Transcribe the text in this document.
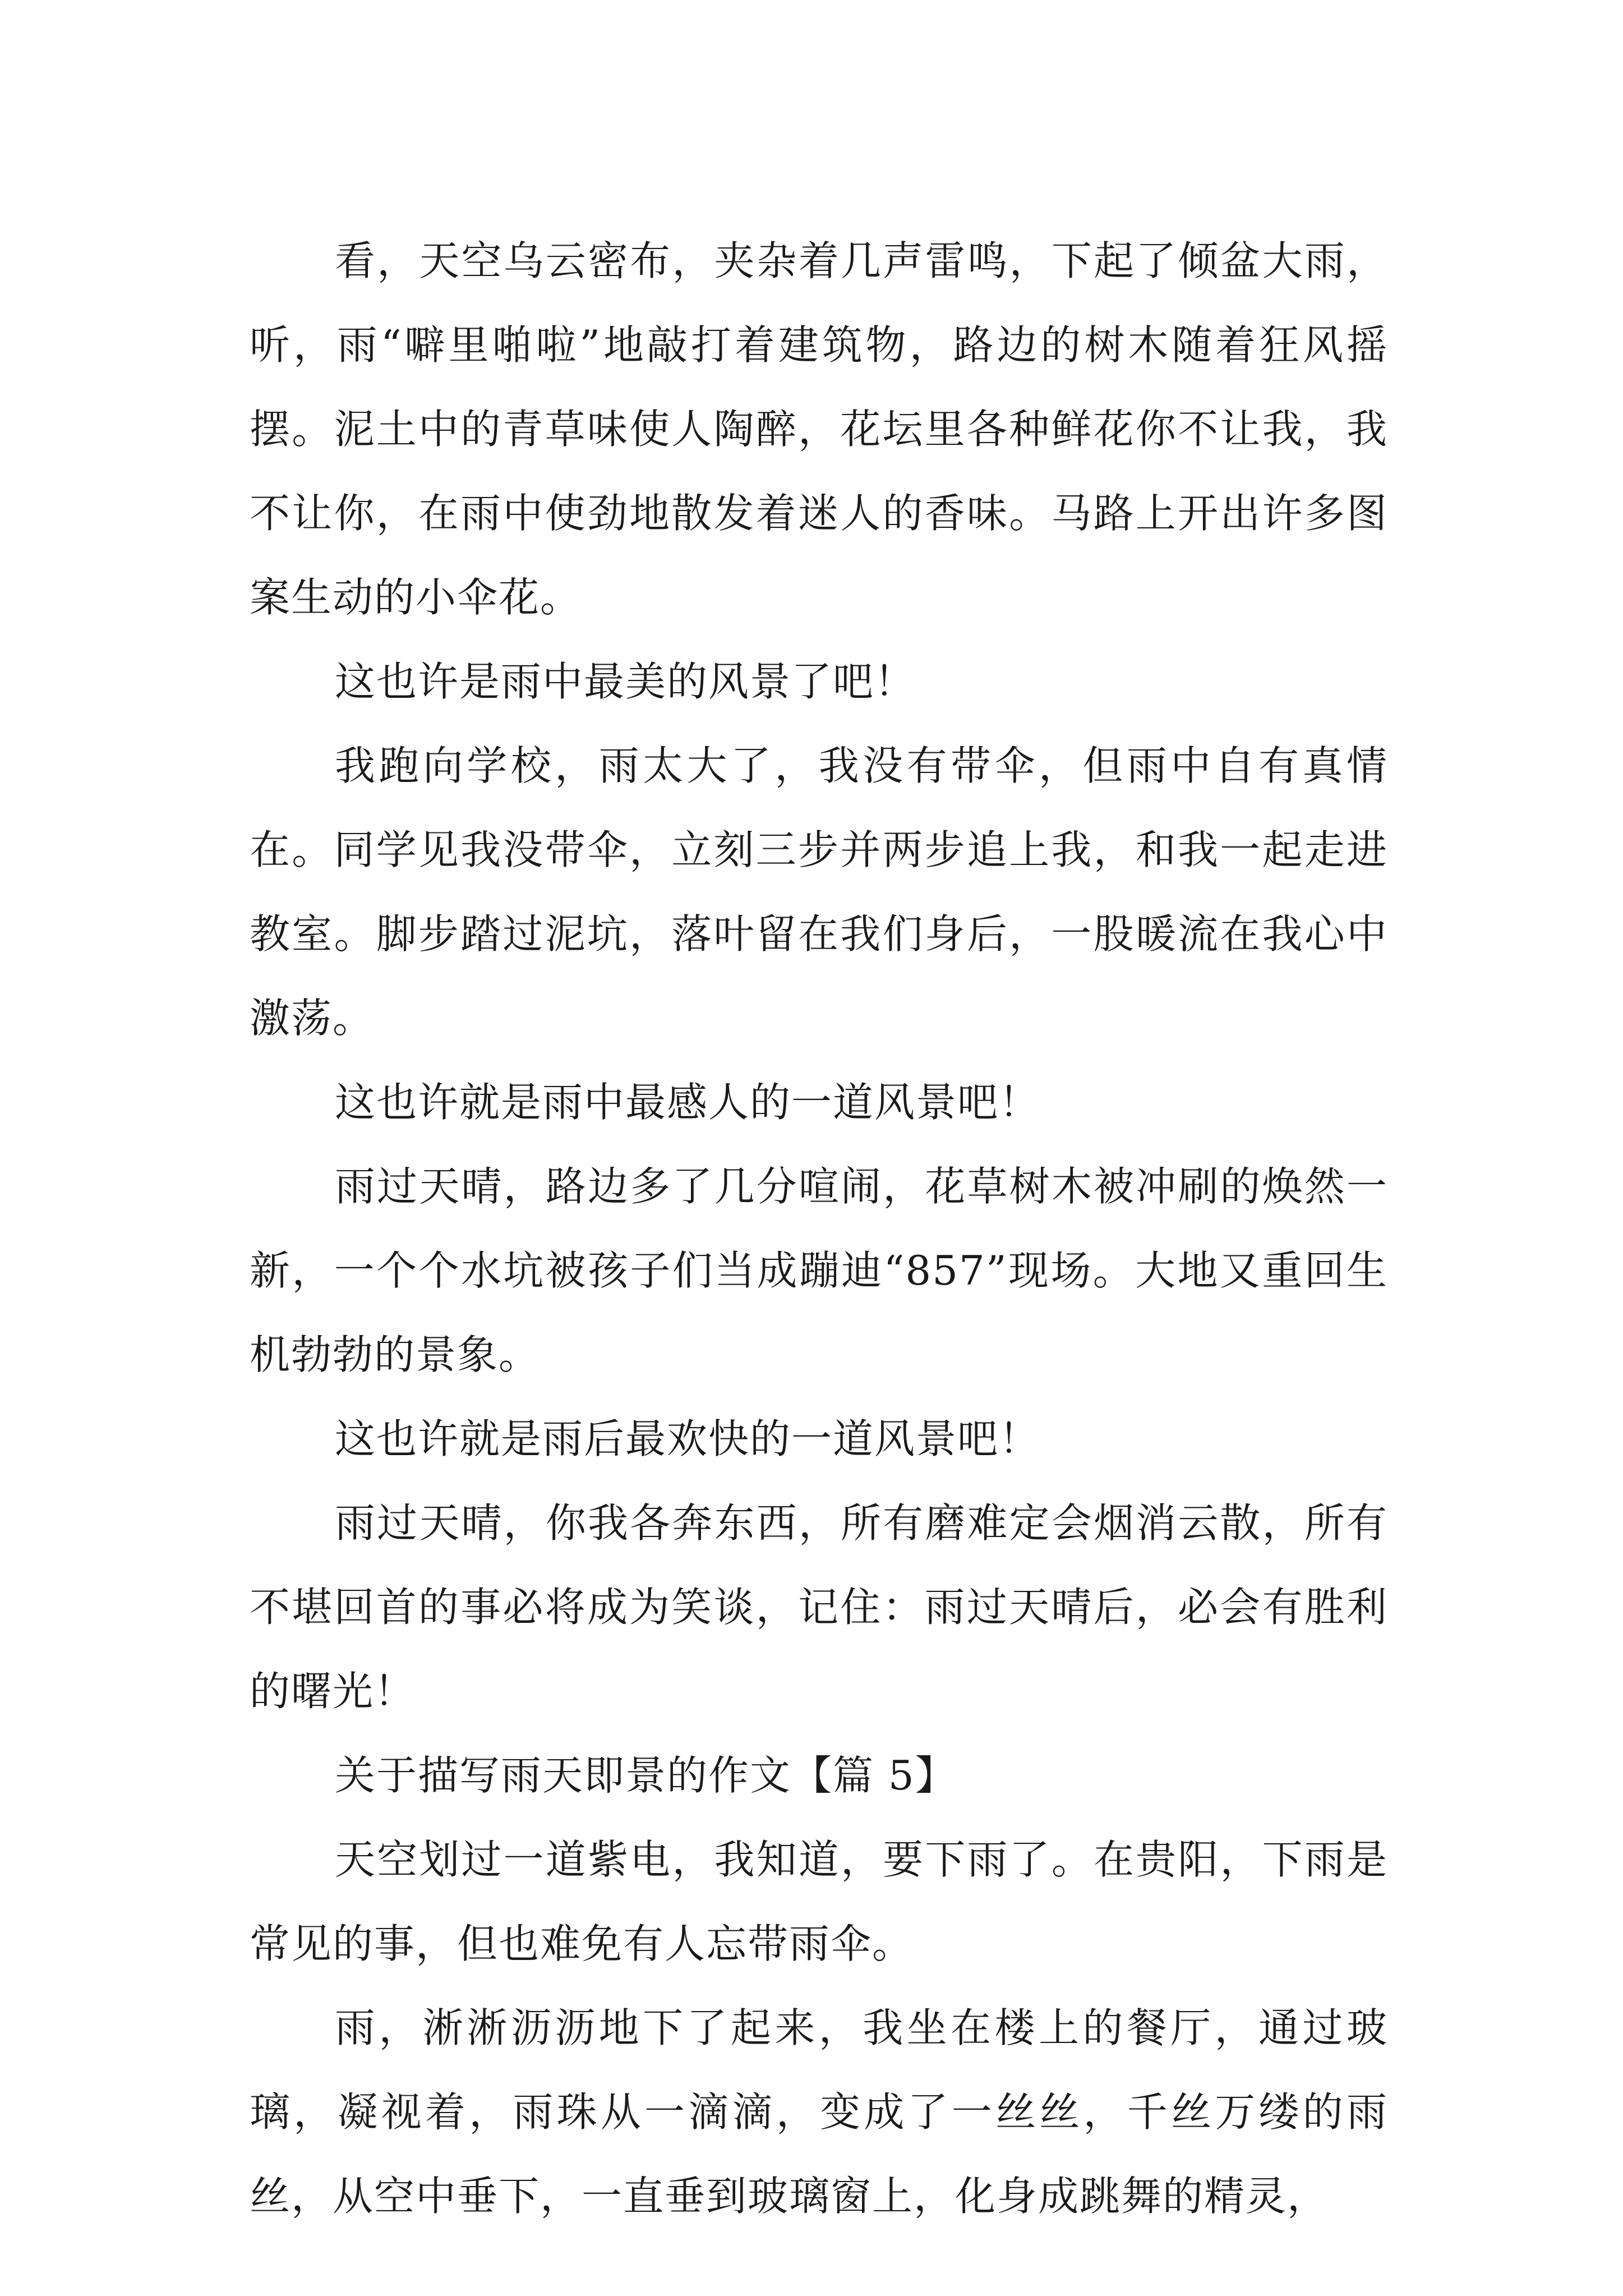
看，天空乌云密布，夹杂着几声雷鸣，下起了倾盆大雨，听，雨“噼里啪啦”地敲打着建筑物，路边的树木随着狂风摇摆。泥土中的青草味使人陶醉，花坛里各种鲜花你不让我，我不让你，在雨中使劲地散发着迷人的香味。马路上开出许多图案生动的小伞花。

这也许是雨中最美的风景了吧！

我跑向学校，雨太大了，我没有带伞，但雨中自有真情在。同学见我没带伞，立刻三步并两步追上我，和我一起走进教室。脚步踏过泥坑，落叶留在我们身后，一股暖流在我心中激荡。

这也许就是雨中最感人的一道风景吧！

雨过天晴，路边多了几分喧闹，花草树木被冲刷的焕然一新，一个个水坑被孩子们当成蹦迪“857”现场。大地又重回生机勃勃的景象。

这也许就是雨后最欢快的一道风景吧！

雨过天晴，你我各奔东西，所有磨难定会烟消云散，所有不堪回首的事必将成为笑谈，记住：雨过天晴后，必会有胜利的曙光！

关于描写雨天即景的作文【篇 5】

天空划过一道紫电，我知道，要下雨了。在贵阳，下雨是常见的事，但也难免有人忘带雨伞。

雨，淅淅沥沥地下了起来，我坐在楼上的餐厅，通过玻璃，凝视着，雨珠从一滴滴，变成了一丝丝，千丝万缕的雨丝，从空中垂下，一直垂到玻璃窗上，化身成跳舞的精灵，
